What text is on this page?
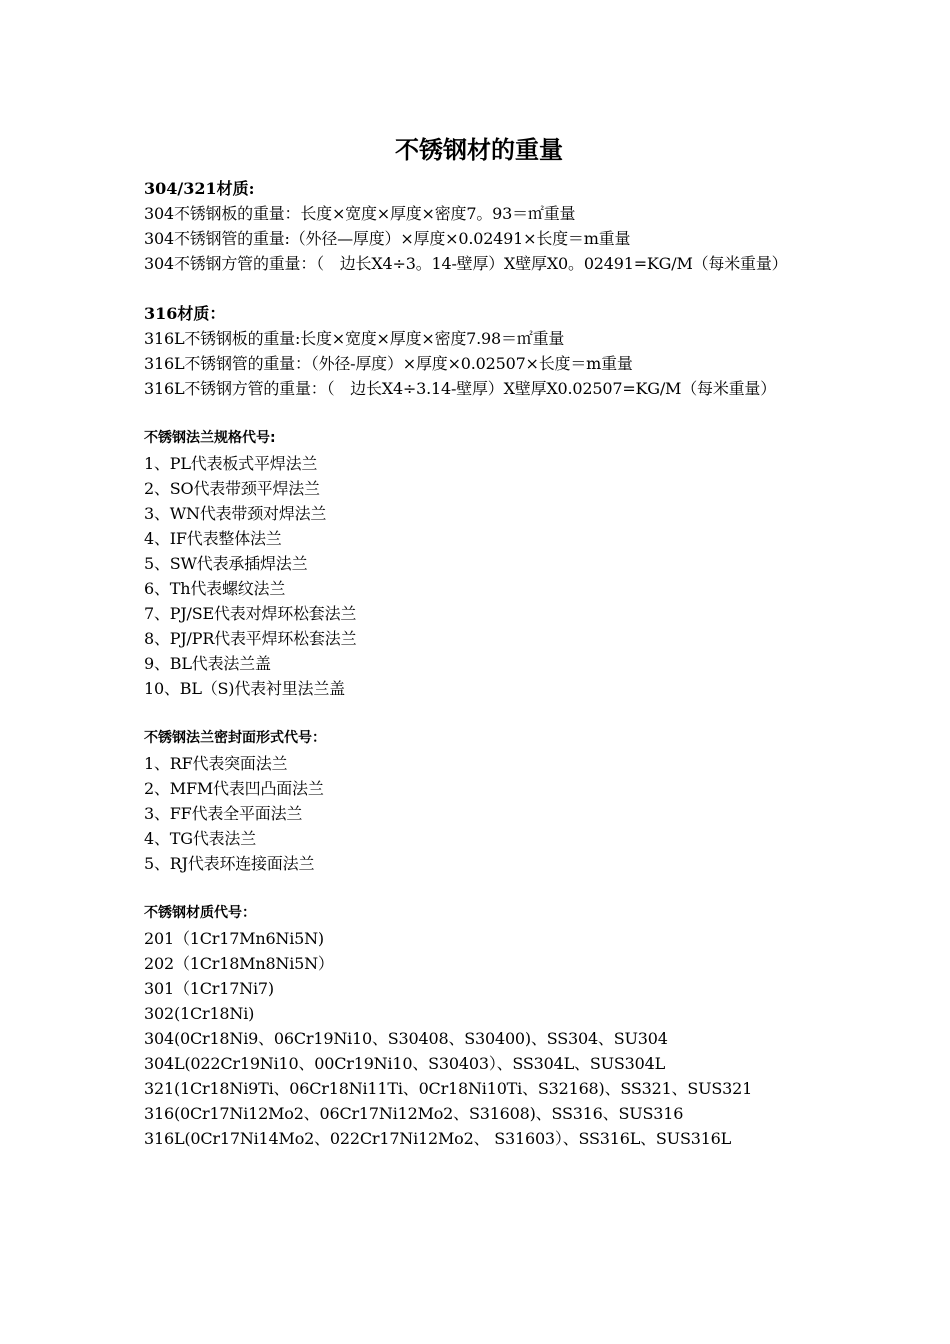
不锈钢材的重量
304/321材质:
304不锈钢板的重量：长度×宽度×厚度×密度7。93＝㎡重量
304不锈钢管的重量:（外径—厚度）×厚度×0.02491×长度＝m重量
304不锈钢方管的重量：（　边长X4÷3。14-壁厚）X壁厚X0。02491=KG/M（每米重量）
316材质：
316L不锈钢板的重量:长度×宽度×厚度×密度7.98＝㎡重量
316L不锈钢管的重量：（外径-厚度）×厚度×0.02507×长度＝m重量
316L不锈钢方管的重量：（　边长X4÷3.14-壁厚）X壁厚X0.02507=KG/M（每米重量）
不锈钢法兰规格代号:
1、PL代表板式平焊法兰
2、SO代表带颈平焊法兰
3、WN代表带颈对焊法兰
4、IF代表整体法兰
5、SW代表承插焊法兰
6、Th代表螺纹法兰
7、PJ/SE代表对焊环松套法兰
8、PJ/PR代表平焊环松套法兰
9、BL代表法兰盖
10、BL（S)代表衬里法兰盖
不锈钢法兰密封面形式代号：
1、RF代表突面法兰
2、MFM代表凹凸面法兰
3、FF代表全平面法兰
4、TG代表法兰
5、RJ代表环连接面法兰
不锈钢材质代号：
201（1Cr17Mn6Ni5N)
202（1Cr18Mn8Ni5N）
301（1Cr17Ni7)
302(1Cr18Ni)
304(0Cr18Ni9、06Cr19Ni10、S30408、S30400)、SS304、SU304
304L(022Cr19Ni10、00Cr19Ni10、S30403）、SS304L、SUS304L
321(1Cr18Ni9Ti、06Cr18Ni11Ti、0Cr18Ni10Ti、S32168)、SS321、SUS321
316(0Cr17Ni12Mo2、06Cr17Ni12Mo2、S31608)、SS316、SUS316
316L(0Cr17Ni14Mo2、022Cr17Ni12Mo2、 S31603）、SS316L、SUS316L
